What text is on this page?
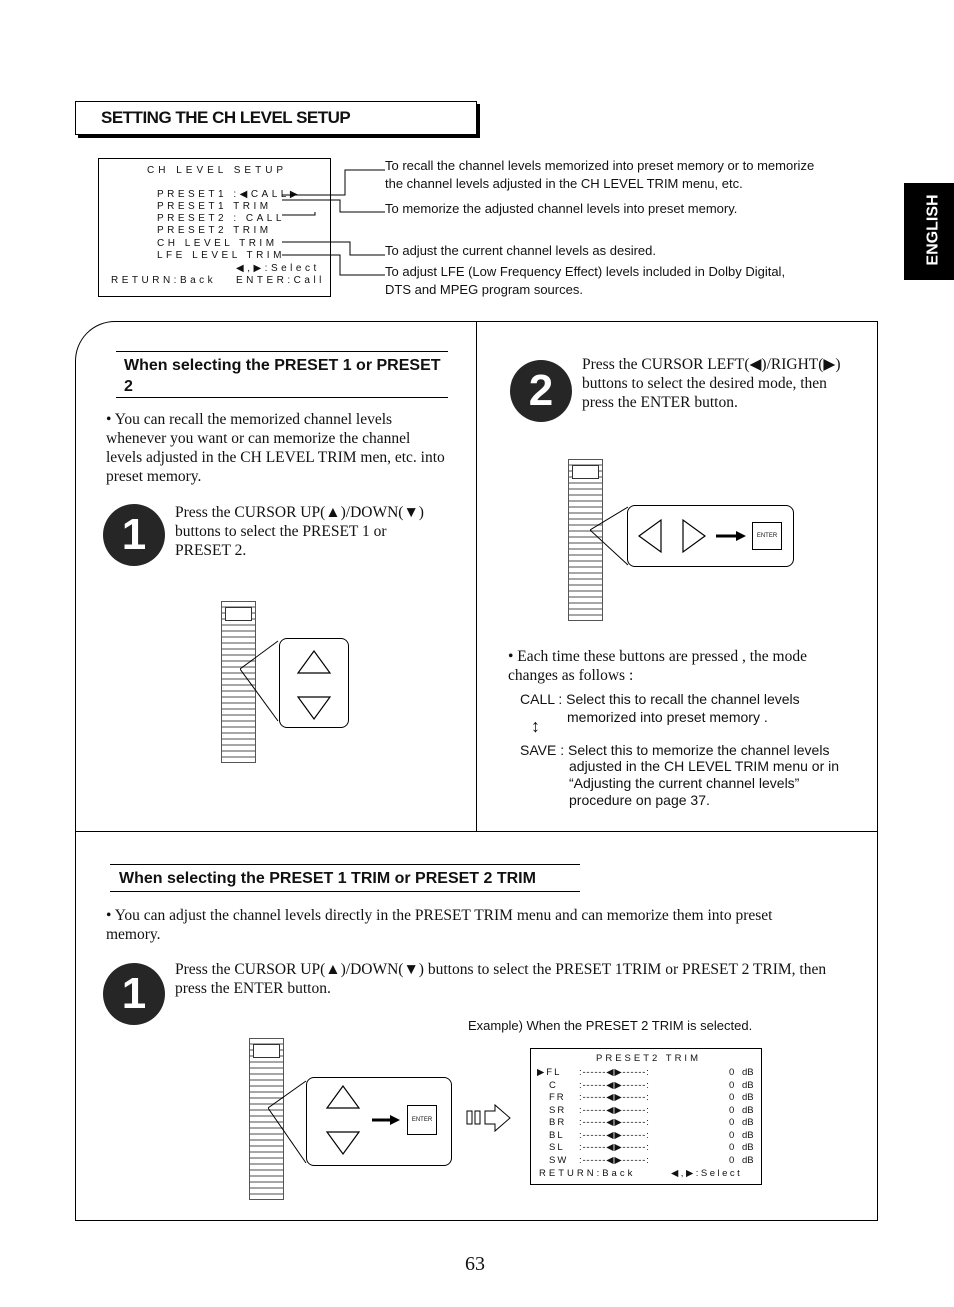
SETTING THE CH LEVEL SETUP
ENGLISH
CH LEVEL SETUP
PRESET1 :◀CALL▶
PRESET1 TRIM
PRESET2 : CALL
PRESET2 TRIM
CH LEVEL TRIM
LFE LEVEL TRIM
◀,▶:Select
RETURN:Back ENTER:Call
To recall the channel levels memorized into preset memory or to memorize the channel levels adjusted in the CH LEVEL TRIM menu, etc.
To memorize the adjusted channel levels into preset memory.
To adjust the current channel levels as desired.
To adjust LFE (Low Frequency Effect) levels included in Dolby Digital, DTS and MPEG program sources.
When selecting the PRESET 1 or PRESET 2
• You can recall the memorized channel levels whenever you want or can memorize the channel levels adjusted in the CH LEVEL TRIM men, etc. into preset memory.
1	Press the CURSOR UP(▲)/DOWN(▼) buttons to select the PRESET 1 or PRESET 2.
2
Press the CURSOR LEFT(◀)/RIGHT(▶) buttons to select the desired mode, then press the ENTER button.
ENTER
• Each time these buttons are pressed , the mode changes as follows :
CALL : Select this to recall the channel levels
memorized into preset memory .
↕
SAVE : Select this to memorize the channel levels
adjusted in the CH LEVEL TRIM menu or in “Adjusting the current channel levels” procedure on page 37.
When selecting the PRESET 1 TRIM or PRESET 2 TRIM
• You can adjust the channel levels directly in the PRESET TRIM menu and can memorize them into preset memory.
1	Press the CURSOR UP(▲)/DOWN(▼) buttons to select the PRESET 1TRIM or PRESET 2 TRIM, then press the ENTER button.
Example) When the PRESET 2 TRIM is selected.
ENTER
PRESET2 TRIM
▶FL :------◀▶------:	0 dB
C :------◀▶------:	0 dB
FR :------◀▶------:	0 dB
SR :------◀▶------:	0 dB
BR :------◀▶------:	0 dB
BL :------◀▶------:	0 dB
SL :------◀▶------:	0 dB
SW :------◀▶------:	0 dB
RETURN:Back	◀,▶:Select
63
